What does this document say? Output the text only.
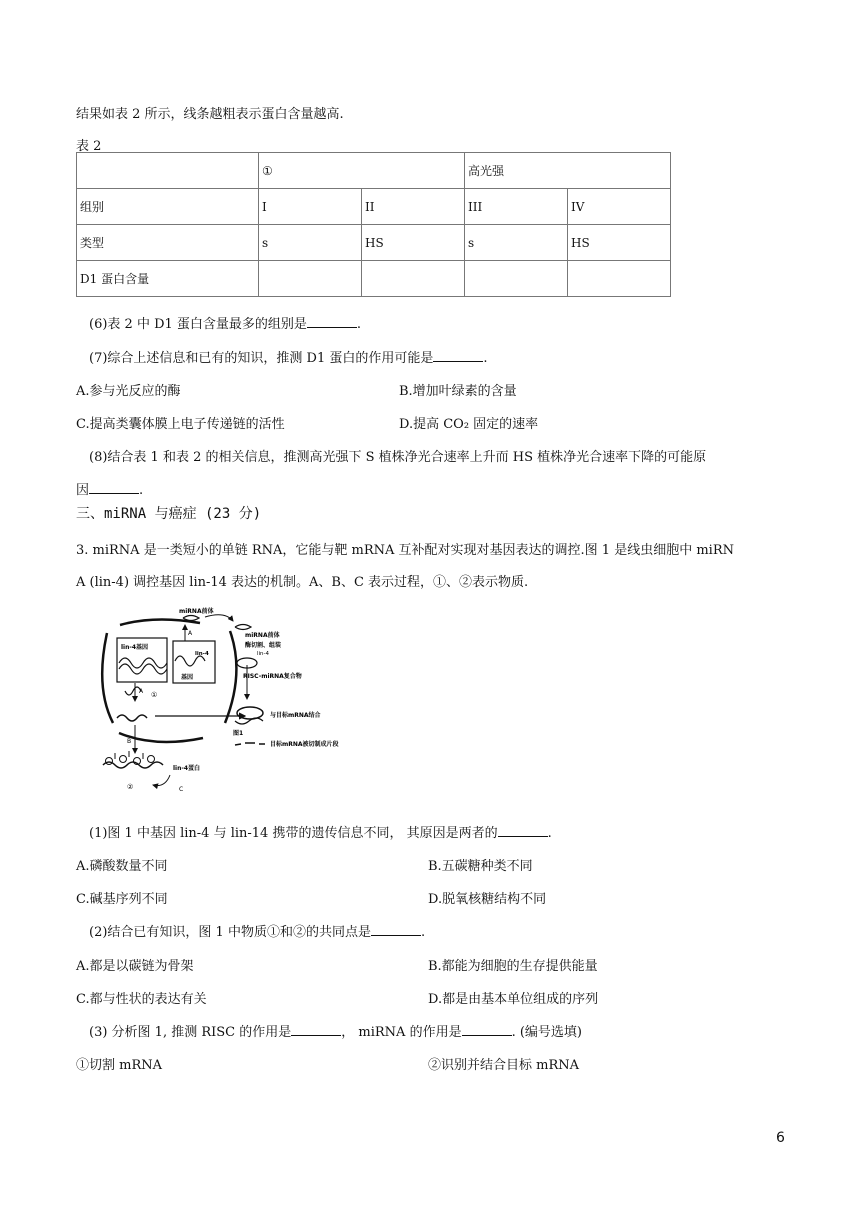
结果如表 2 所示，线条越粗表示蛋白含量越高.
表 2
	①		高光强	
组别	I	II	III	IV
类型	s	HS	s	HS
D1 蛋白含量				
(6)表 2 中 D1 蛋白含量最多的组别是	.
(7)综合上述信息和已有的知识，推测 D1 蛋白的作用可能是	.
A.参与光反应的酶	B.增加叶绿素的含量
C.提高类囊体膜上电子传递链的活性	D.提高 CO₂ 固定的速率
(8)结合表 1 和表 2 的相关信息，推测高光强下 S 植株净光合速率上升而 HS 植株净光合速率下降的可能原
因	.
三、miRNA 与癌症 (23 分)
3. miRNA 是一类短小的单链 RNA，它能与靶 mRNA 互补配对实现对基因表达的调控.图 1 是线虫细胞中 miRN
A (lin-4) 调控基因 lin-14 表达的机制。A、B、C 表示过程，①、②表示物质.
lin-4基因
lin-4
基因
A
miRNA前体
miRNA前体
酶切割、组装
lin-4
RISC-miRNA复合物
A ①
与目标mRNA结合
图1
目标mRNA被切制成片段
B
②
lin-4蛋白
C
(1)图 1 中基因 lin-4 与 lin-14 携带的遗传信息不同， 其原因是两者的	.
A.磷酸数量不同	B.五碳糖种类不同
C.碱基序列不同	D.脱氧核糖结构不同
(2)结合已有知识，图 1 中物质①和②的共同点是	.
A.都是以碳链为骨架	B.都能为细胞的生存提供能量
C.都与性状的表达有关	D.都是由基本单位组成的序列
(3) 分析图 1, 推测 RISC 的作用是	， miRNA 的作用是	. (编号选填)
①切割 mRNA	②识别并结合目标 mRNA
6
